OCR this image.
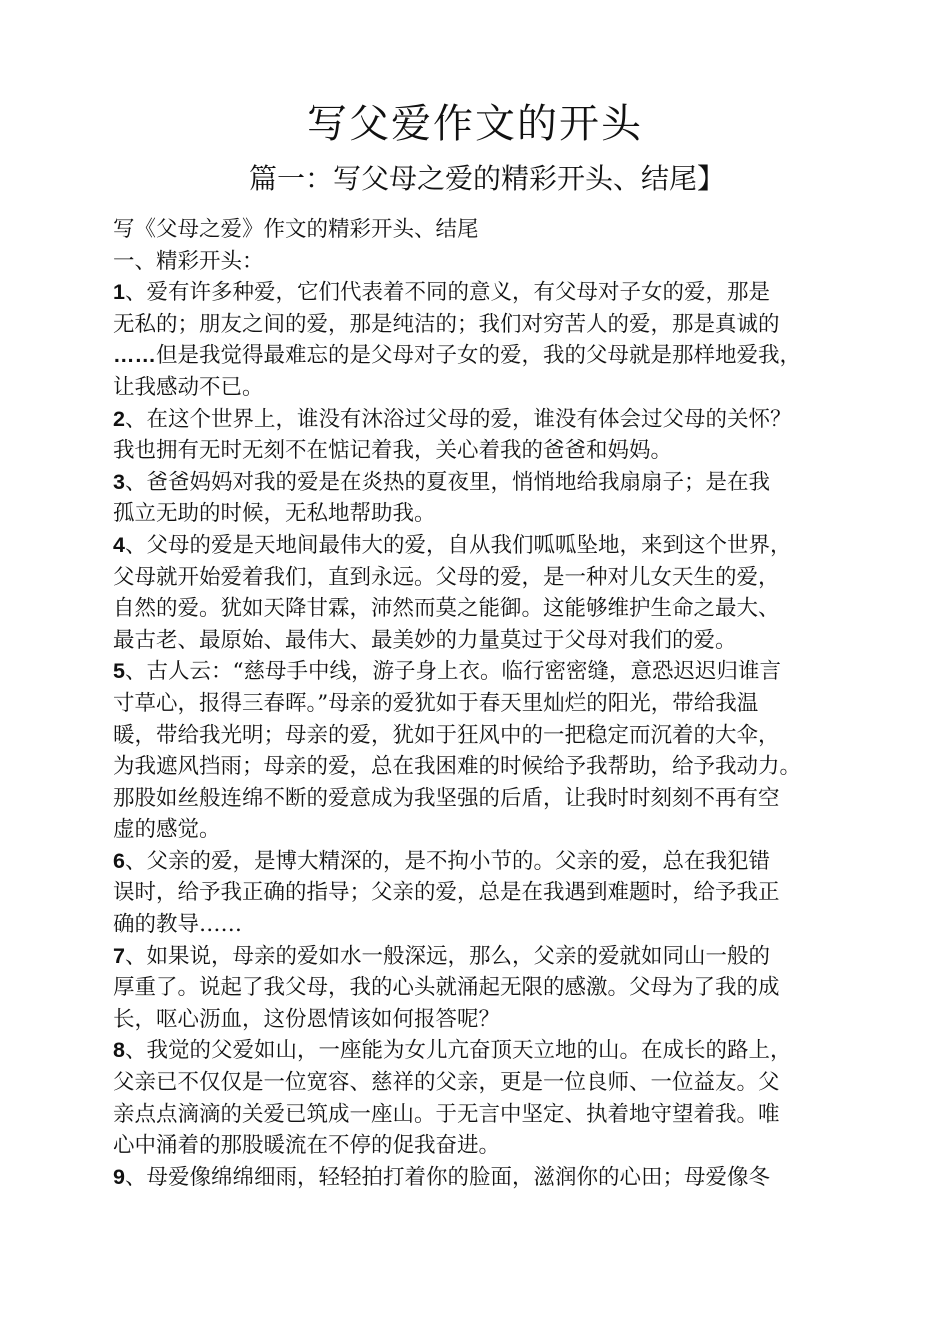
写父爱作文的开头
篇一：写父母之爱的精彩开头、结尾】
写《父母之爱》作文的精彩开头、结尾
一、精彩开头：
1、爱有许多种爱，它们代表着不同的意义，有父母对子女的爱，那是
无私的；朋友之间的爱，那是纯洁的；我们对穷苦人的爱，那是真诚的
……但是我觉得最难忘的是父母对子女的爱，我的父母就是那样地爱我，
让我感动不已。
2、在这个世界上，谁没有沐浴过父母的爱，谁没有体会过父母的关怀？
我也拥有无时无刻不在惦记着我，关心着我的爸爸和妈妈。
3、爸爸妈妈对我的爱是在炎热的夏夜里，悄悄地给我扇扇子；是在我
孤立无助的时候，无私地帮助我。
4、父母的爱是天地间最伟大的爱，自从我们呱呱坠地，来到这个世界，
父母就开始爱着我们，直到永远。父母的爱，是一种对儿女天生的爱，
自然的爱。犹如天降甘霖，沛然而莫之能御。这能够维护生命之最大、
最古老、最原始、最伟大、最美妙的力量莫过于父母对我们的爱。
5、古人云：“慈母手中线，游子身上衣。临行密密缝，意恐迟迟归谁言
寸草心，报得三春晖。”母亲的爱犹如于春天里灿烂的阳光，带给我温
暖，带给我光明；母亲的爱，犹如于狂风中的一把稳定而沉着的大伞，
为我遮风挡雨；母亲的爱，总在我困难的时候给予我帮助，给予我动力。
那股如丝般连绵不断的爱意成为我坚强的后盾，让我时时刻刻不再有空
虚的感觉。
6、父亲的爱，是博大精深的，是不拘小节的。父亲的爱，总在我犯错
误时，给予我正确的指导；父亲的爱，总是在我遇到难题时，给予我正
确的教导……
7、如果说，母亲的爱如水一般深远，那么，父亲的爱就如同山一般的
厚重了。说起了我父母，我的心头就涌起无限的感激。父母为了我的成
长，呕心沥血，这份恩情该如何报答呢？
8、我觉的父爱如山，一座能为女儿亢奋顶天立地的山。在成长的路上，
父亲已不仅仅是一位宽容、慈祥的父亲，更是一位良师、一位益友。父
亲点点滴滴的关爱已筑成一座山。于无言中坚定、执着地守望着我。唯
心中涌着的那股暖流在不停的促我奋进。
9、母爱像绵绵细雨，轻轻拍打着你的脸面，滋润你的心田；母爱像冬
